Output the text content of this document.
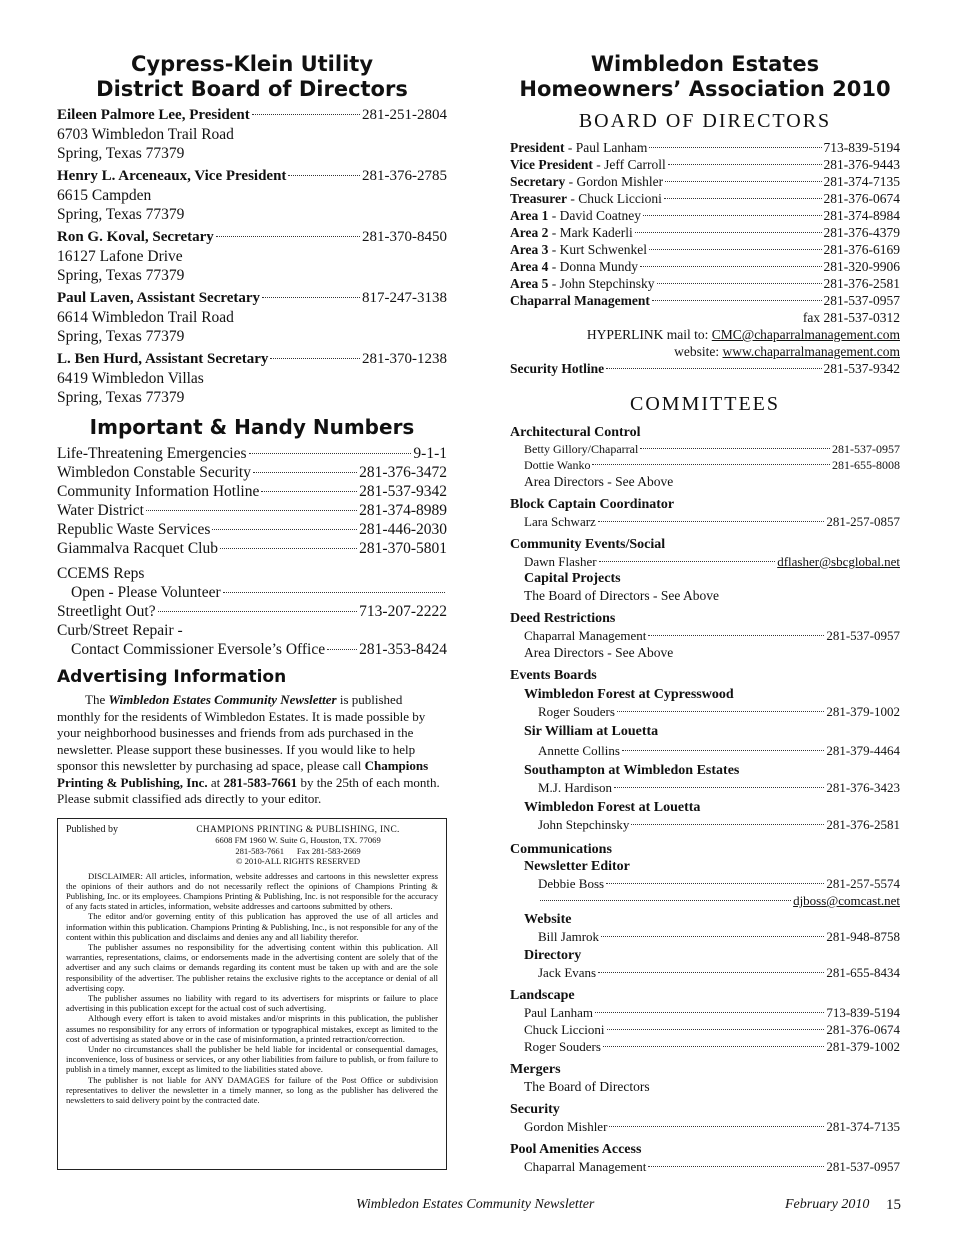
Cypress-Klein Utility
District Board of Directors
Eileen Palmore Lee, President	281-251-2804
6703 Wimbledon Trail Road
Spring, Texas 77379
Henry L. Arceneaux, Vice President	281-376-2785
6615 Campden
Spring, Texas 77379
Ron G. Koval, Secretary	281-370-8450
16127 Lafone Drive
Spring, Texas 77379
Paul Laven, Assistant Secretary	817-247-3138
6614 Wimbledon Trail Road
Spring, Texas 77379
L. Ben Hurd, Assistant Secretary	281-370-1238
6419 Wimbledon Villas
Spring, Texas 77379
Important & Handy Numbers
Life-Threatening Emergencies	9-1-1
Wimbledon Constable Security	281-376-3472
Community Information Hotline	281-537-9342
Water District	281-374-8989
Republic Waste Services	281-446-2030
Giammalva Racquet Club	281-370-5801
CCEMS Reps
Open - Please Volunteer
Streetlight Out?	713-207-2222
Curb/Street Repair -
Contact Commissioner Eversole’s Office 281-353-8424
Advertising Information

The Wimbledon Estates Community Newsletter is published monthly for the residents of Wimbledon Estates. It is made possible by your neighborhood businesses and friends from ads purchased in the newsletter. Please support these businesses. If you would like to help sponsor this newsletter by purchasing ad space, please call Champions Printing & Publishing, Inc. at 281-583-7661 by the 25th of each month. Please submit classified ads directly to your editor.

Published by	CHAMPIONS PRINTING & PUBLISHING, INC.
6608 FM 1960 W. Suite G, Houston, TX. 77069
281-583-7661      Fax 281-583-2669
© 2010-ALL RIGHTS RESERVED

DISCLAIMER: All articles, information, website addresses and cartoons in this newsletter express the opinions of their authors and do not necessarily reflect the opinions of Champions Printing & Publishing, Inc. or its employees. Champions Printing & Publishing, Inc. is not responsible for the accuracy of any facts stated in articles, information, website addresses and cartoons submitted by others.

The editor and/or governing entity of this publication has approved the use of all articles and information within this publication. Champions Printing & Publishing, Inc., is not responsible for any of the content within this publication and disclaims and denies any and all liability therefor.

The publisher assumes no responsibility for the advertising content within this publication. All warranties, representations, claims, or endorsements made in the advertising content are solely that of the advertiser and any such claims or demands regarding its content must be taken up with and are the sole responsibility of the advertiser. The publisher retains the exclusive rights to the acceptance or denial of all advertising copy.

The publisher assumes no liability with regard to its advertisers for misprints or failure to place advertising in this publication except for the actual cost of such advertising.

Although every effort is taken to avoid mistakes and/or misprints in this publication, the publisher assumes no responsibility for any errors of information or typographical mistakes, except as limited to the cost of advertising as stated above or in the case of misinformation, a printed retraction/correction.

Under no circumstances shall the publisher be held liable for incidental or consequential damages, inconvenience, loss of business or services, or any other liabilities from failure to publish, or from failure to publish in a timely manner, except as limited to the liabilities stated above.

The publisher is not liable for ANY DAMAGES for failure of the Post Office or subdivision representatives to deliver the newsletter in a timely manner, so long as the publisher has delivered the newsletters to said delivery point by the contracted date.

Wimbledon Estates
Homeowners’ Association 2010
BOARD OF DIRECTORS
President - Paul Lanham	713-839-5194
Vice President - Jeff Carroll	281-376-9443
Secretary - Gordon Mishler	281-374-7135
Treasurer - Chuck Liccioni	281-376-0674
Area 1 - David Coatney	281-374-8984
Area 2 - Mark Kaderli	281-376-4379
Area 3 - Kurt Schwenkel	281-376-6169
Area 4 - Donna Mundy	281-320-9906
Area 5 - John Stepchinsky	281-376-2581
Chaparral Management	281-537-0957
fax 281-537-0312
HYPERLINK mail to: CMC@chaparralmanagement.com
website: www.chaparralmanagement.com
Security Hotline	281-537-9342
COMMITTEES
Architectural Control
Betty Gillory/Chaparral	281-537-0957
Dottie Wanko	281-655-8008
Area Directors - See Above
Block Captain Coordinator
Lara Schwarz	281-257-0857
Community Events/Social
Dawn Flasher	dflasher@sbcglobal.net
Capital Projects
The Board of Directors - See Above
Deed Restrictions
Chaparral Management	281-537-0957
Area Directors - See Above
Events Boards
Wimbledon Forest at Cypresswood
Roger Souders	281-379-1002
Sir William at Louetta
Annette Collins	281-379-4464
Southampton at Wimbledon Estates
M.J. Hardison	281-376-3423
Wimbledon Forest at Louetta
John Stepchinsky	281-376-2581
Communications
Newsletter Editor
Debbie Boss	281-257-5574
djboss@comcast.net
Website
Bill Jamrok	281-948-8758
Directory
Jack Evans	281-655-8434
Landscape
Paul Lanham	713-839-5194
Chuck Liccioni	281-376-0674
Roger Souders	281-379-1002
Mergers
The Board of Directors
Security
Gordon Mishler	281-374-7135
Pool Amenities Access
Chaparral Management	281-537-0957
Wimbledon Estates Community Newsletter	February 2010 15
